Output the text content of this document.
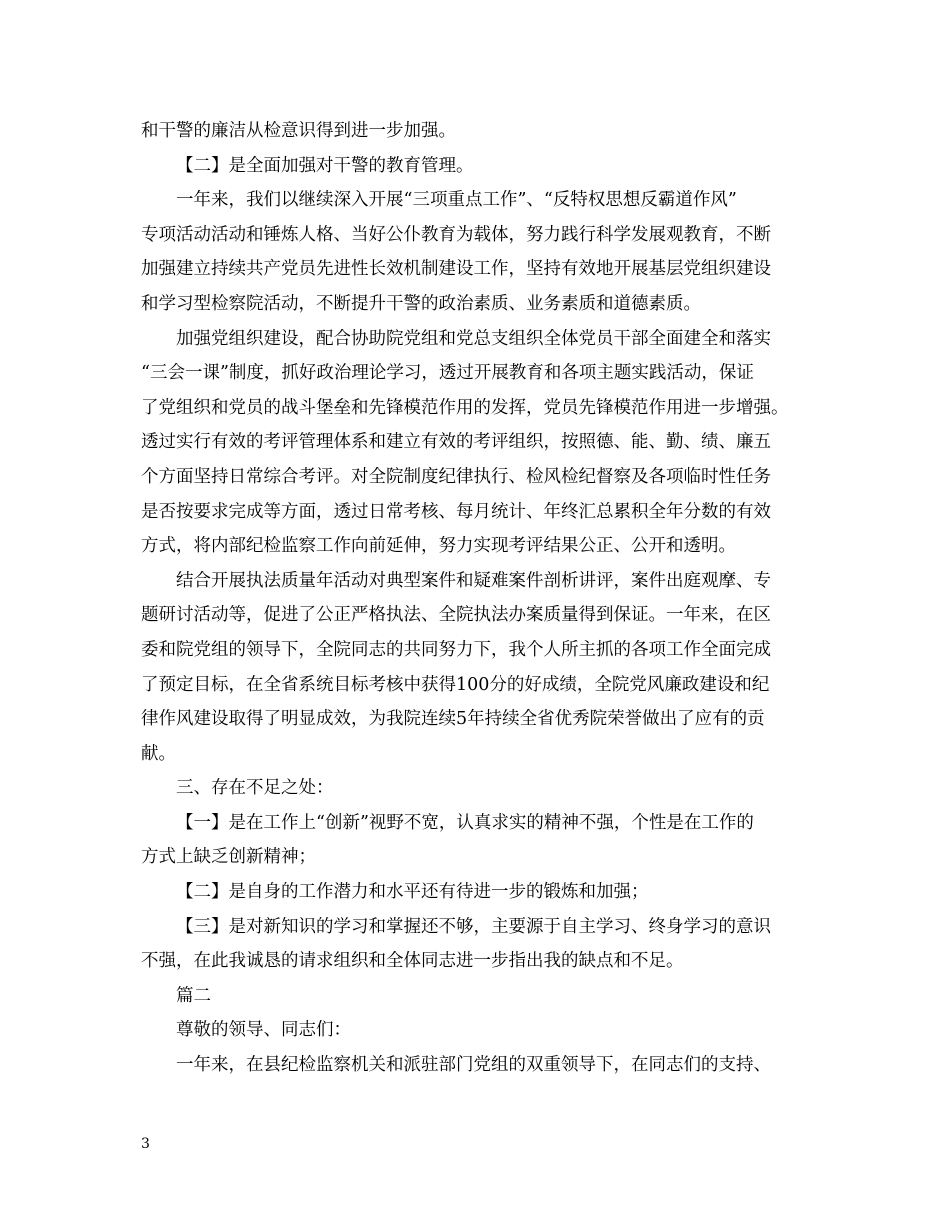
和干警的廉洁从检意识得到进一步加强。
【二】是全面加强对干警的教育管理。
一年来，我们以继续深入开展“三项重点工作”、“反特权思想反霸道作风”
专项活动活动和锤炼人格、当好公仆教育为载体，努力践行科学发展观教育，不断
加强建立持续共产党员先进性长效机制建设工作，坚持有效地开展基层党组织建设
和学习型检察院活动，不断提升干警的政治素质、业务素质和道德素质。
加强党组织建设，配合协助院党组和党总支组织全体党员干部全面建全和落实
“三会一课”制度，抓好政治理论学习，透过开展教育和各项主题实践活动，保证
了党组织和党员的战斗堡垒和先锋模范作用的发挥，党员先锋模范作用进一步增强。
透过实行有效的考评管理体系和建立有效的考评组织，按照德、能、勤、绩、廉五
个方面坚持日常综合考评。对全院制度纪律执行、检风检纪督察及各项临时性任务
是否按要求完成等方面，透过日常考核、每月统计、年终汇总累积全年分数的有效
方式，将内部纪检监察工作向前延伸，努力实现考评结果公正、公开和透明。
结合开展执法质量年活动对典型案件和疑难案件剖析讲评，案件出庭观摩、专
题研讨活动等，促进了公正严格执法、全院执法办案质量得到保证。一年来，在区
委和院党组的领导下，全院同志的共同努力下，我个人所主抓的各项工作全面完成
了预定目标，在全省系统目标考核中获得100分的好成绩，全院党风廉政建设和纪
律作风建设取得了明显成效，为我院连续5年持续全省优秀院荣誉做出了应有的贡
献。
三、存在不足之处：
【一】是在工作上“创新”视野不宽，认真求实的精神不强，个性是在工作的
方式上缺乏创新精神；
【二】是自身的工作潜力和水平还有待进一步的锻炼和加强；
【三】是对新知识的学习和掌握还不够，主要源于自主学习、终身学习的意识
不强，在此我诚恳的请求组织和全体同志进一步指出我的缺点和不足。
篇二
尊敬的领导、同志们：
一年来，在县纪检监察机关和派驻部门党组的双重领导下，在同志们的支持、
3
